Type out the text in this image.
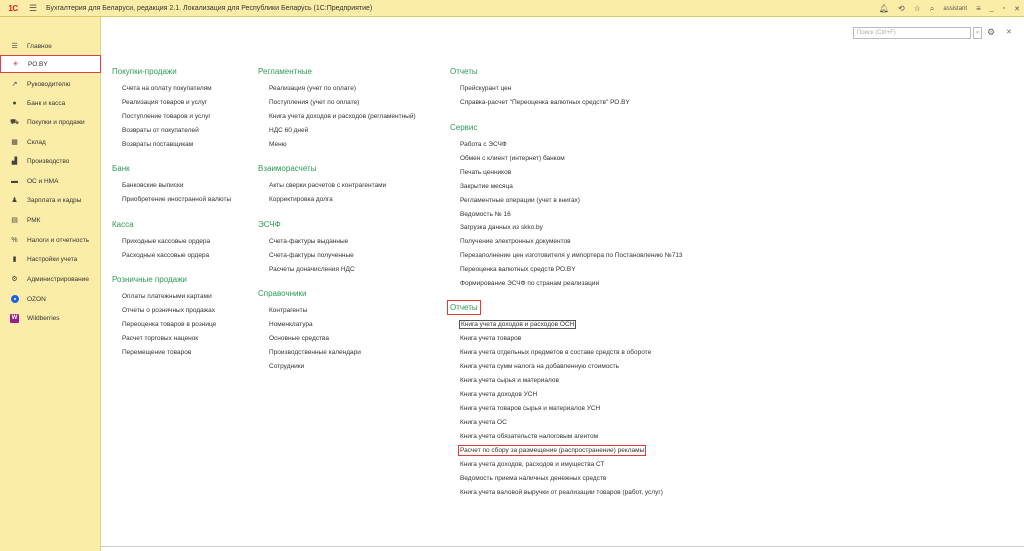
1С	☰	Бухгалтерия для Беларуси, редакция 2.1. Локализация для Республики Беларусь (1С:Предприятие)	🔔︎ ⟲ ☆ ⌕ assistant ≡ _ ▫ ✕
☰ Главное
✳ РО.BY
↗ Руководителю
●	Банк и касса
⛟ Покупки и продажи
▦ Склад
▟ Производство
▬ ОС и НМА
♟ Зарплата и кадры
▤ РМК
% Налоги и отчетность
▮	Настройки учета
⚙ Администрирование
OZON
W Wildberries
Поиск (Ctrl+F)	× ⚙ ✕
Покупки-продажи
Счета на оплату покупателям
Реализация товаров и услуг
Поступление товаров и услуг
Возвраты от покупателей
Возвраты поставщикам
Банк
Банковские выписки
Приобретение иностранной валюты
Касса
Приходные кассовые ордера
Расходные кассовые ордера
Розничные продажи
Оплаты платежными картами
Отчеты о розничных продажах
Переоценка товаров в рознице
Расчет торговых наценок
Перемещение товаров
Регламентные
Реализация (учет по оплате)
Поступления (учет по оплате)
Книга учета доходов и расходов (регламентный)
НДС 60 дней
Меню
Взаиморасчеты
Акты сверки расчетов с контрагентами
Корректировка долга
ЭСЧФ
Счета-фактуры выданные
Счета-фактуры полученные
Расчеты доначисления НДС
Справочники
Контрагенты
Номенклатура
Основные средства
Производственные календари
Сотрудники
Отчеты
Прейскурант цен
Справка-расчет "Переоценка валютных средств" РО.BY
Сервис
Работа с ЭСЧФ
Обмен с клиент (интернет) банком
Печать ценников
Закрытие месяца
Регламентные операции (учет в книгах)
Ведомость № 16
Загрузка данных из skko.by
Получение электронных документов
Перезаполнение цен изготовителя у импортера по Постановлению №713
Переоценка валютных средств РО.BY
Формирование ЭСЧФ по странам реализации
Отчеты
Книга учета доходов и расходов ОСН
Книга учета товаров
Книга учета отдельных предметов в составе средств в обороте
Книга учета сумм налога на добавленную стоимость
Книга учета сырья и материалов
Книга учета доходов УСН
Книга учета товаров сырья и материалов УСН
Книга учета ОС
Книга учета обязательств налоговым агентом
Расчет по сбору за размещение (распространение) рекламы
Книга учета доходов, расходов и имущества СТ
Ведомость приема наличных денежных средств
Книга учета валовой выручки от реализации товаров (работ, услуг)
